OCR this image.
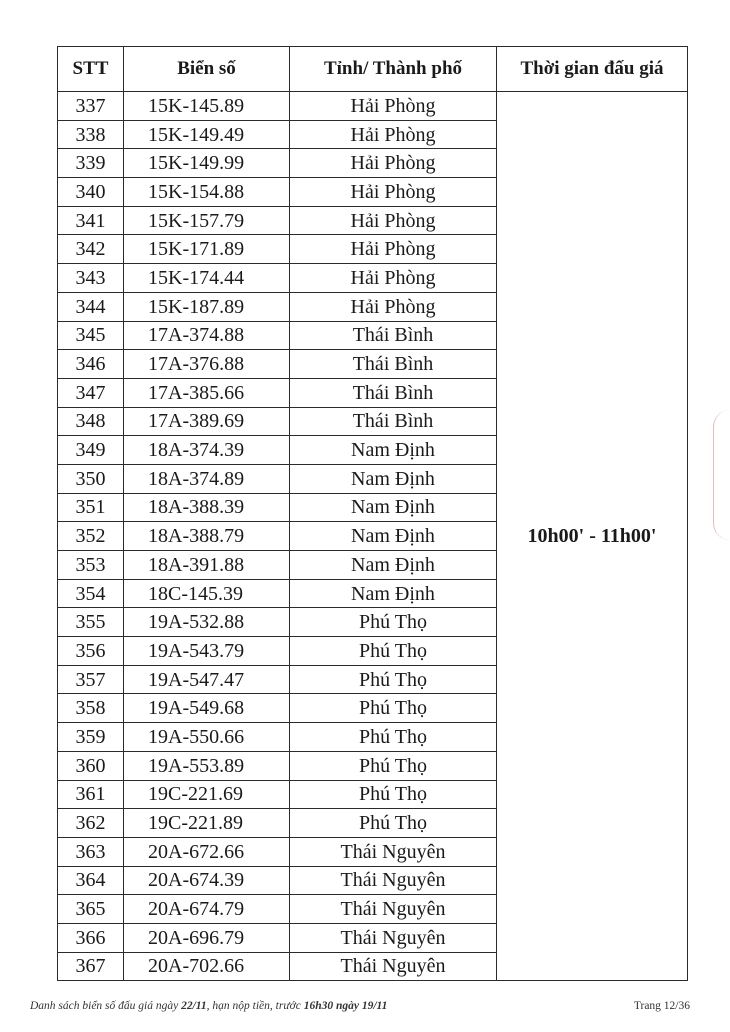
STT	Biển số	Tỉnh/ Thành phố	Thời gian đấu giá
337	15K-145.89	Hải Phòng	10h00' - 11h00'
338	15K-149.49	Hải Phòng	
339	15K-149.99	Hải Phòng	
340	15K-154.88	Hải Phòng	
341	15K-157.79	Hải Phòng	
342	15K-171.89	Hải Phòng	
343	15K-174.44	Hải Phòng	
344	15K-187.89	Hải Phòng	
345	17A-374.88	Thái Bình	
346	17A-376.88	Thái Bình	
347	17A-385.66	Thái Bình	
348	17A-389.69	Thái Bình	
349	18A-374.39	Nam Định	
350	18A-374.89	Nam Định	
351	18A-388.39	Nam Định	
352	18A-388.79	Nam Định	
353	18A-391.88	Nam Định	
354	18C-145.39	Nam Định	
355	19A-532.88	Phú Thọ	
356	19A-543.79	Phú Thọ	
357	19A-547.47	Phú Thọ	
358	19A-549.68	Phú Thọ	
359	19A-550.66	Phú Thọ	
360	19A-553.89	Phú Thọ	
361	19C-221.69	Phú Thọ	
362	19C-221.89	Phú Thọ	
363	20A-672.66	Thái Nguyên	
364	20A-674.39	Thái Nguyên	
365	20A-674.79	Thái Nguyên	
366	20A-696.79	Thái Nguyên	
367	20A-702.66	Thái Nguyên	
Danh sách biển số đấu giá ngày 22/11, hạn nộp tiền, trước 16h30 ngày 19/11	Trang 12/36
